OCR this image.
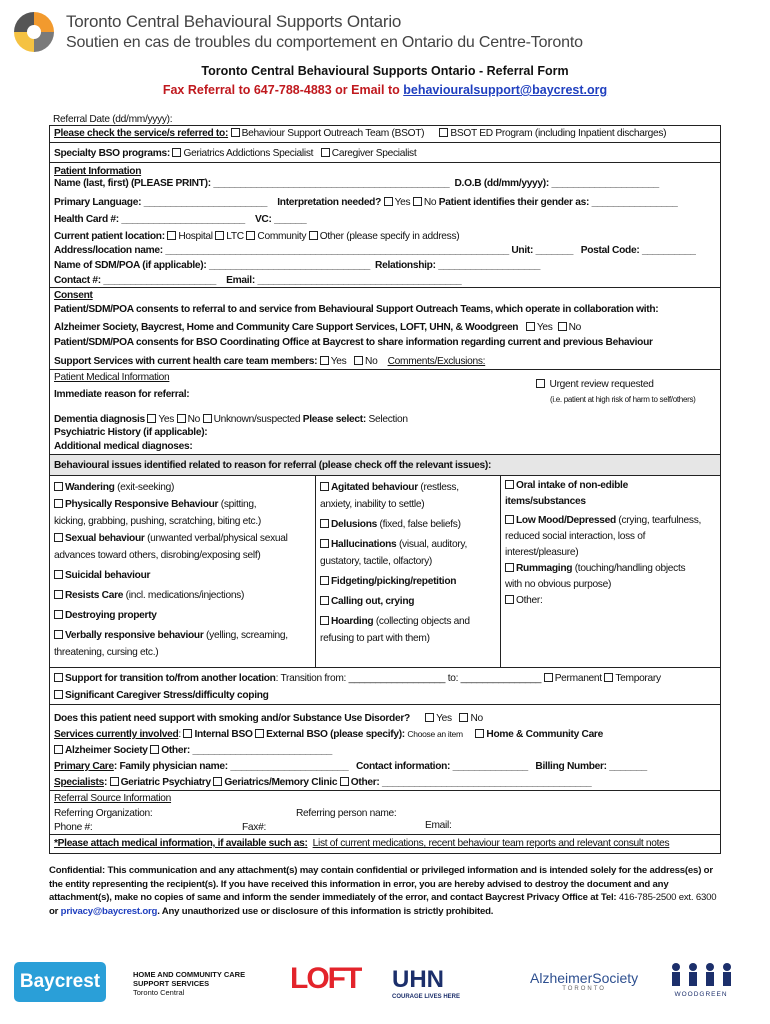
Toronto Central Behavioural Supports Ontario
Soutien en cas de troubles du comportement en Ontario du Centre-Toronto
Toronto Central Behavioural Supports Ontario - Referral Form
Fax Referral to 647-788-4883 or Email to behaviouralsupport@baycrest.org
Referral Date (dd/mm/yyyy):
Please check the service/s referred to: Behaviour Support Outreach Team (BSOT)	BSOT ED Program (including Inpatient discharges)
Specialty BSO programs: Geriatrics Addictions Specialist Caregiver Specialist
Patient Information
Name (last, first) (PLEASE PRINT): ____________________________________________ D.O.B (dd/mm/yyyy): ____________________
Primary Language: _______________________ Interpretation needed? Yes No Patient identifies their gender as: ________________
Health Card #: _______________________ VC: ______
Current patient location: Hospital LTC Community Other (please specify in address)
Address/location name: ________________________________________________________________ Unit: _______ Postal Code: __________
Name of SDM/POA (if applicable): ______________________________ Relationship: ___________________
Contact #: _____________________ Email: ______________________________________
Consent
Patient/SDM/POA consents to referral to and service from Behavioural Support Outreach Teams, which operate in collaboration with:
Alzheimer Society, Baycrest, Home and Community Care Support Services, LOFT, UHN, & Woodgreen Yes No
Patient/SDM/POA consents for BSO Coordinating Office at Baycrest to share information regarding current and previous Behaviour
Support Services with current health care team members: Yes No Comments/Exclusions:
Patient Medical Information
Urgent review requested
(i.e. patient at high risk of harm to self/others)
Immediate reason for referral:
Dementia diagnosis Yes No Unknown/suspected Please select: Selection
Psychiatric History (if applicable):
Additional medical diagnoses:
Behavioural issues identified related to reason for referral (please check off the relevant issues):
Wandering (exit-seeking)
Physically Responsive Behaviour (spitting,
kicking, grabbing, pushing, scratching, biting etc.)
Sexual behaviour (unwanted verbal/physical sexual
advances toward others, disrobing/exposing self)
Suicidal behaviour
Resists Care (incl. medications/injections)
Destroying property
Verbally responsive behaviour (yelling, screaming,
threatening, cursing etc.)
Agitated behaviour (restless,
anxiety, inability to settle)
Delusions (fixed, false beliefs)
Hallucinations (visual, auditory,
gustatory, tactile, olfactory)
Fidgeting/picking/repetition
Calling out, crying
Hoarding (collecting objects and
refusing to part with them)
Oral intake of non-edible
items/substances
Low Mood/Depressed (crying, tearfulness,
reduced social interaction, loss of
interest/pleasure)
Rummaging (touching/handling objects
with no obvious purpose)
Other:
Support for transition to/from another location: Transition from: __________________ to: _______________ Permanent Temporary
Significant Caregiver Stress/difficulty coping
Does this patient need support with smoking and/or Substance Use Disorder?	Yes No
Services currently involved: Internal BSO External BSO (please specify): Choose an item Home & Community Care
Alzheimer Society Other: __________________________
Primary Care: Family physician name: ______________________ Contact information: ______________ Billing Number: _______
Specialists: Geriatric Psychiatry Geriatrics/Memory Clinic Other: _______________________________________
Referral Source Information
Referring Organization:	Referring person name:
Phone #:	Fax#:	Email:
*Please attach medical information, if available such as: List of current medications, recent behaviour team reports and relevant consult notes
Confidential: This communication and any attachment(s) may contain confidential or privileged information and is intended solely for the address(es) or the entity representing the recipient(s). If you have received this information in error, you are hereby advised to destroy the document and any attachment(s), make no copies of same and inform the sender immediately of the error, and contact Baycrest Privacy Office at Tel: 416-785-2500 ext. 6300 or privacy@baycrest.org. Any unauthorized use or disclosure of this information is strictly prohibited.
Baycrest	HOME AND COMMUNITY CARE
SUPPORT SERVICES
Toronto Central	LOFT UHN
COURAGE LIVES HERE
AlzheimerSociety
TORONTO
WOODGREEN
